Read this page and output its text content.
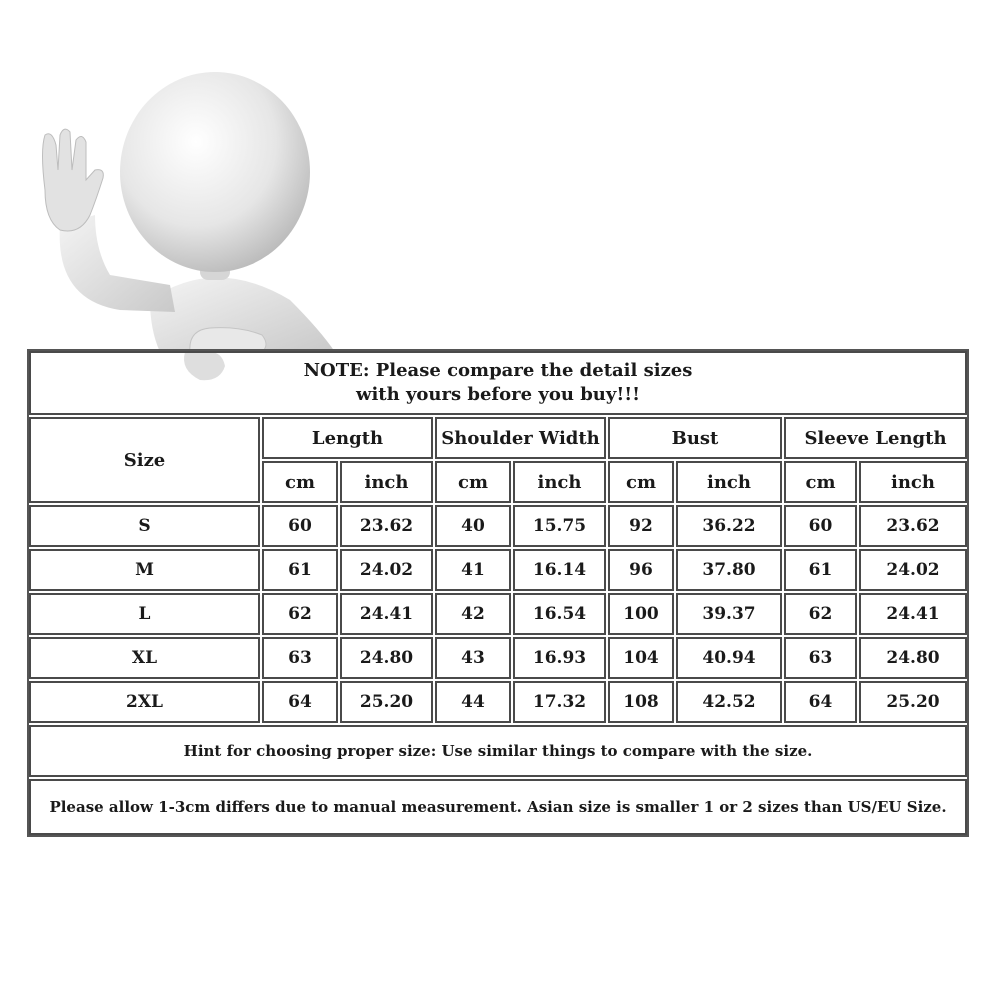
NOTE: Please compare the detail sizes
with yours before you buy!!!
Size
Length	Shoulder Width	Bust	Sleeve Length
cm	inch	cm	inch	cm	inch	cm	inch
S	60	23.62	40	15.75	92	36.22	60	23.62
M	61	24.02	41	16.14	96	37.80	61	24.02
L	62	24.41	42	16.54	100	39.37	62	24.41
XL	63	24.80	43	16.93	104	40.94	63	24.80
2XL	64	25.20	44	17.32	108	42.52	64	25.20
Hint for choosing proper size: Use similar things to compare with the size.
Please allow 1-3cm differs due to manual measurement. Asian size is smaller 1 or 2 sizes than US/EU Size.
